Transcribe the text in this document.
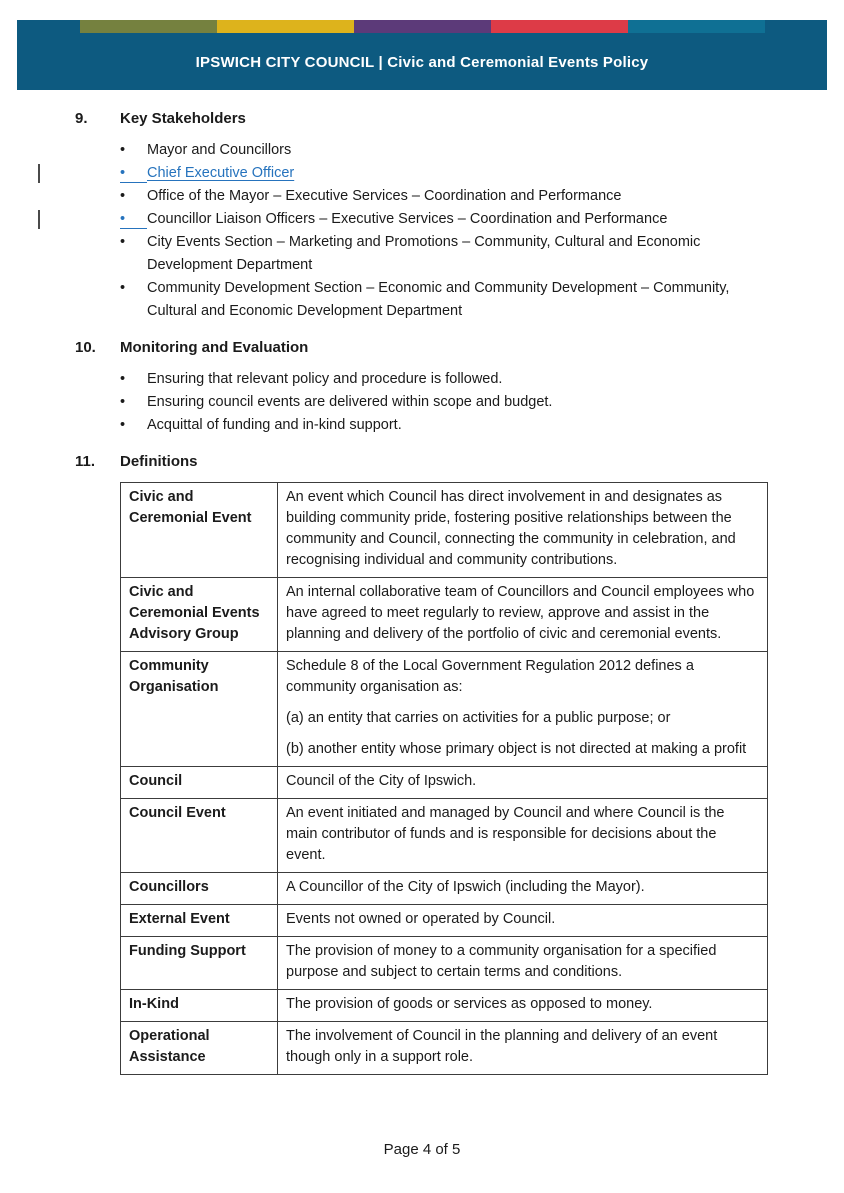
IPSWICH CITY COUNCIL | Civic and Ceremonial Events Policy
9.	Key Stakeholders
•	Mayor and Councillors
•	Chief Executive Officer
•	Office of the Mayor – Executive Services – Coordination and Performance
•	Councillor Liaison Officers – Executive Services – Coordination and Performance
•	City Events Section – Marketing and Promotions – Community, Cultural and Economic Development Department
•	Community Development Section – Economic and Community Development – Community, Cultural and Economic Development Department
10.	Monitoring and Evaluation
•	Ensuring that relevant policy and procedure is followed.
•	Ensuring council events are delivered within scope and budget.
•	Acquittal of funding and in-kind support.
11.	Definitions
Civic and Ceremonial Event	An event which Council has direct involvement in and designates as building community pride, fostering positive relationships between the community and Council, connecting the community in celebration, and recognising individual and community contributions.

Civic and Ceremonial Events Advisory Group	An internal collaborative team of Councillors and Council employees who have agreed to meet regularly to review, approve and assist in the planning and delivery of the portfolio of civic and ceremonial events.

Community Organisation	Schedule 8 of the Local Government Regulation 2012 defines a community organisation as:

(a) an entity that carries on activities for a public purpose; or

(b) another entity whose primary object is not directed at making a profit

Council	Council of the City of Ipswich.

Council Event	An event initiated and managed by Council and where Council is the main contributor of funds and is responsible for decisions about the event.

Councillors	A Councillor of the City of Ipswich (including the Mayor).

External Event	Events not owned or operated by Council.

Funding Support	The provision of money to a community organisation for a specified purpose and subject to certain terms and conditions.

In-Kind	The provision of goods or services as opposed to money.

Operational Assistance	The involvement of Council in the planning and delivery of an event though only in a support role.

Page 4 of 5
